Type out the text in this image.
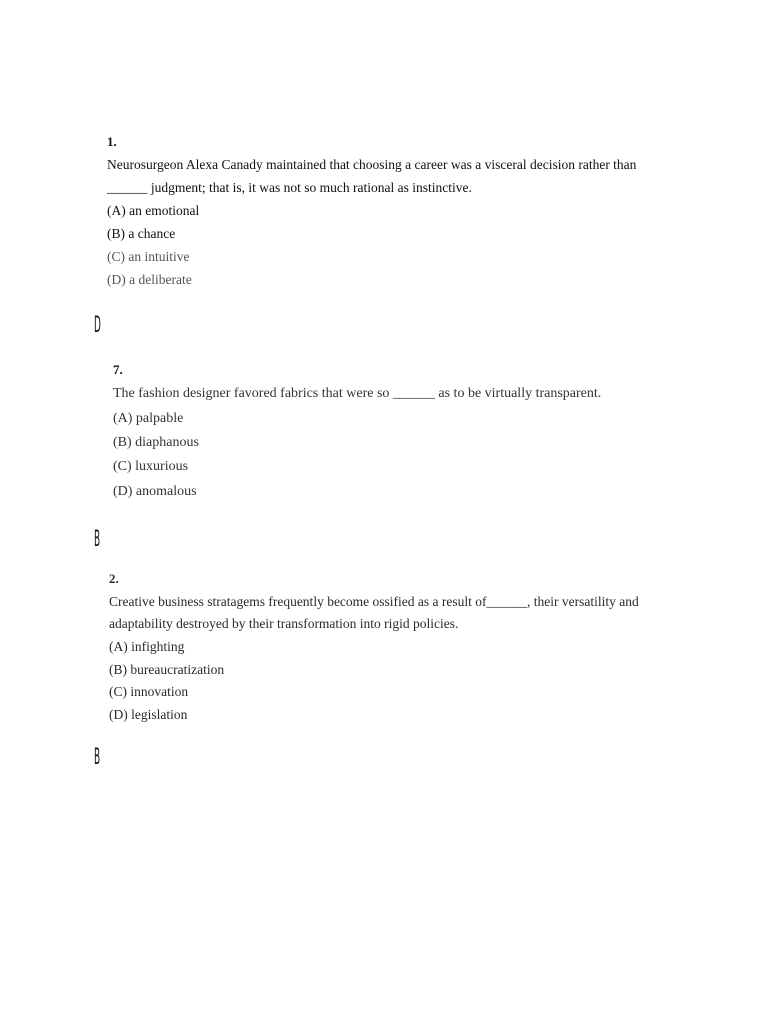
1.
Neurosurgeon Alexa Canady maintained that choosing a career was a visceral decision rather than
______ judgment; that is, it was not so much rational as instinctive.
(A) an emotional
(B) a chance
(C) an intuitive
(D) a deliberate
D
7.
The fashion designer favored fabrics that were so ______ as to be virtually transparent.
(A) palpable
(B) diaphanous
(C) luxurious
(D) anomalous
B
2.
Creative business stratagems frequently become ossified as a result of______, their versatility and
adaptability destroyed by their transformation into rigid policies.
(A) infighting
(B) bureaucratization
(C) innovation
(D) legislation
B
